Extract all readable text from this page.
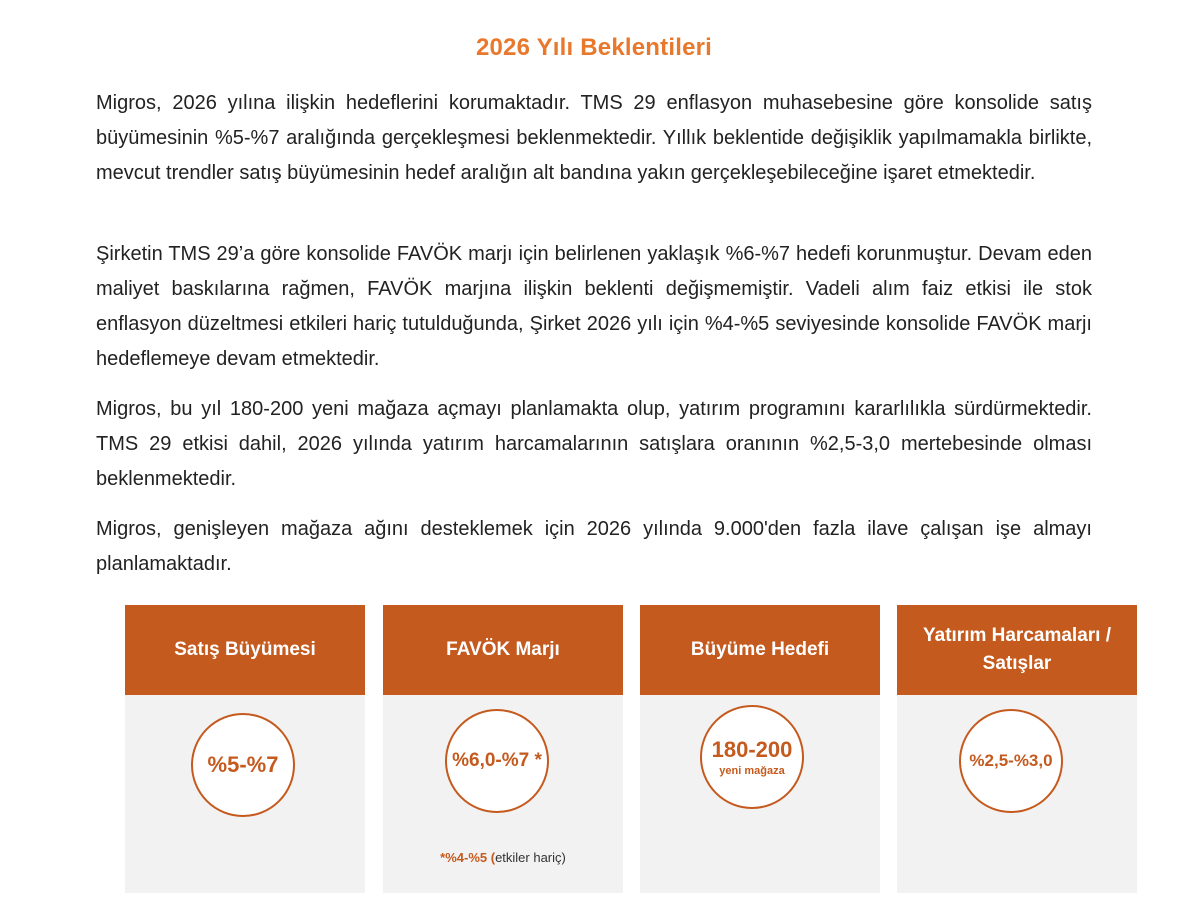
2026 Yılı Beklentileri

Migros, 2026 yılına ilişkin hedeflerini korumaktadır. TMS 29 enflasyon muhasebesine göre konsolide satış büyümesinin %5-%7 aralığında gerçekleşmesi beklenmektedir. Yıllık beklentide değişiklik yapılmamakla birlikte, mevcut trendler satış büyümesinin hedef aralığın alt bandına yakın gerçekleşebileceğine işaret etmektedir.

Şirketin TMS 29’a göre konsolide FAVÖK marjı için belirlenen yaklaşık %6-%7 hedefi korunmuştur. Devam eden maliyet baskılarına rağmen, FAVÖK marjına ilişkin beklenti değişmemiştir. Vadeli alım faiz etkisi ile stok enflasyon düzeltmesi etkileri hariç tutulduğunda, Şirket 2026 yılı için %4-%5 seviyesinde konsolide FAVÖK marjı hedeflemeye devam etmektedir.

Migros, bu yıl 180-200 yeni mağaza açmayı planlamakta olup, yatırım programını kararlılıkla sürdürmektedir. TMS 29 etkisi dahil, 2026 yılında yatırım harcamalarının satışlara oranının %2,5-3,0 mertebesinde olması beklenmektedir.

Migros, genişleyen mağaza ağını desteklemek için 2026 yılında 9.000'den fazla ilave çalışan işe almayı planlamaktadır.

Satış Büyümesi
%5-%7
FAVÖK Marjı
%6,0-%7 *
*%4-%5 (etkiler hariç)
Büyüme Hedefi
180-200
yeni mağaza
Yatırım Harcamaları / Satışlar
%2,5-%3,0
